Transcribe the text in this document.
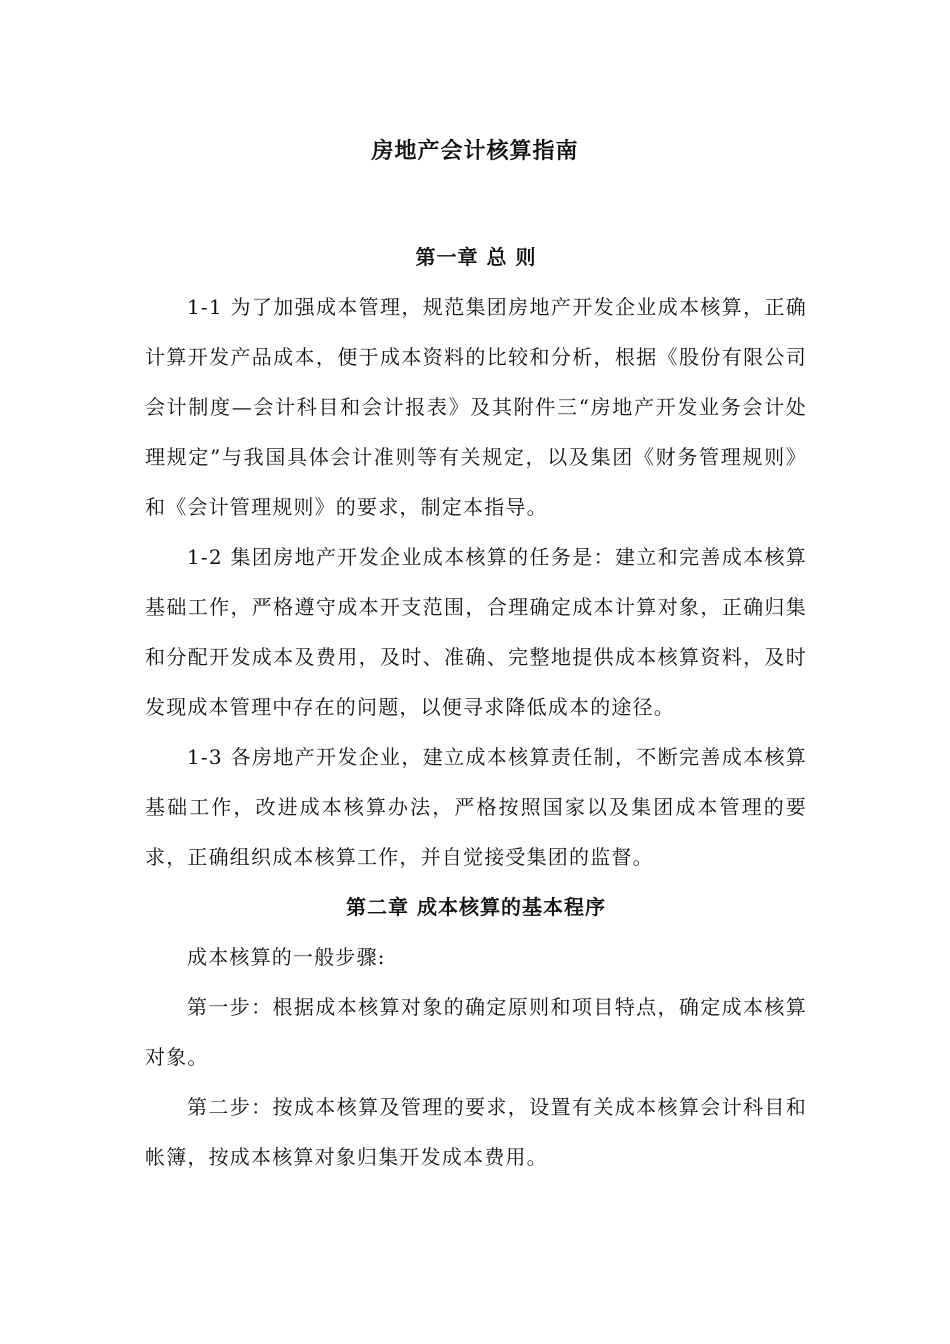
房地产会计核算指南

第一章 总 则

1-1 为了加强成本管理，规范集团房地产开发企业成本核算，正确计算开发产品成本，便于成本资料的比较和分析，根据《股份有限公司会计制度—会计科目和会计报表》及其附件三“房地产开发业务会计处理规定”与我国具体会计准则等有关规定，以及集团《财务管理规则》和《会计管理规则》的要求，制定本指导。

1-2 集团房地产开发企业成本核算的任务是：建立和完善成本核算基础工作，严格遵守成本开支范围，合理确定成本计算对象，正确归集和分配开发成本及费用，及时、准确、完整地提供成本核算资料，及时发现成本管理中存在的问题，以便寻求降低成本的途径。

1-3 各房地产开发企业，建立成本核算责任制，不断完善成本核算基础工作，改进成本核算办法，严格按照国家以及集团成本管理的要求，正确组织成本核算工作，并自觉接受集团的监督。

第二章 成本核算的基本程序

成本核算的一般步骤:

第一步：根据成本核算对象的确定原则和项目特点，确定成本核算对象。

第二步：按成本核算及管理的要求，设置有关成本核算会计科目和帐簿，按成本核算对象归集开发成本费用。
